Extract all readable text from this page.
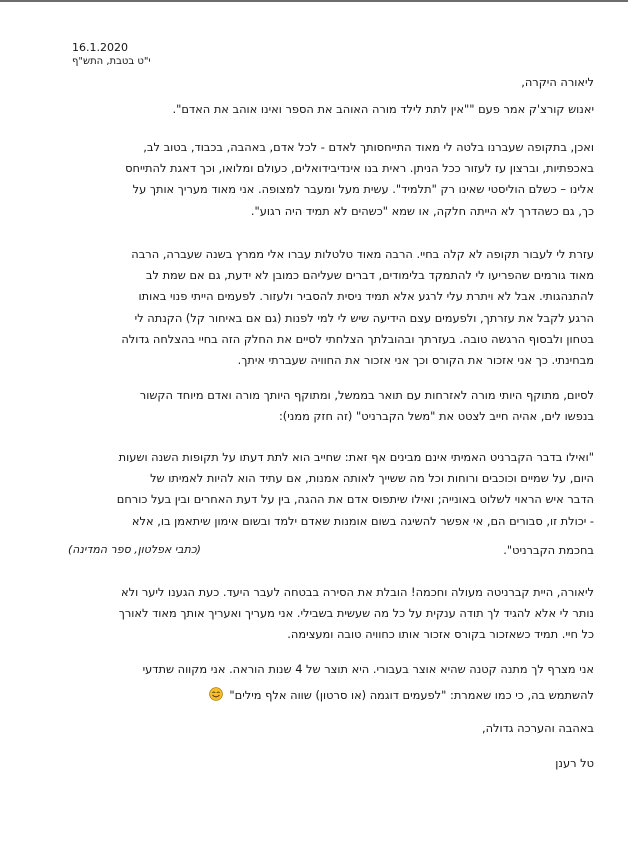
16.1.2020
י"ט בטבת, התש"ף
ליאורה היקרה,
יאנוש קורצ'ק אמר פעם ""אין לתת לילד מורה האוהב את הספר ואינו אוהב את האדם".
ואכן, בתקופה שעברנו בלטה לי מאוד התייחסותך לאדם - לכל אדם, באהבה, בכבוד, בטוב לב,
באכפתיות, וברצון עז לעזור ככל הניתן. ראית בנו אינדיבידואלים, כעולם ומלואו, וכך דאגת להתייחס
אלינו – כשלם הוליסטי שאינו רק "תלמיד". עשית מעל ומעבר למצופה. אני מאוד מעריך אותך על
כך, גם כשהדרך לא הייתה חלקה, או שמא "כשהים לא תמיד היה רגוע".
עזרת לי לעבור תקופה לא קלה בחיי. הרבה מאוד טלטלות עברו אלי ממרץ בשנה שעברה, הרבה
מאוד גורמים שהפריעו לי להתמקד בלימודים, דברים שעליהם כמובן לא ידעת, גם אם שמת לב
להתנהגותי. אבל לא ויתרת עלי לרגע אלא תמיד ניסית להסביר ולעזור. לפעמים הייתי פנוי באותו
הרגע לקבל את עזרתך, ולפעמים עצם הידיעה שיש לי למי לפנות (גם אם באיחור קל) הקנתה לי
בטחון ולבסוף הרגשה טובה. בעזרתך ובהובלתך הצלחתי לסיים את החלק הזה בחיי בהצלחה גדולה
מבחינתי. כך אני אזכור את הקורס וכך אני אזכור את החוויה שעברתי איתך.
לסיום, מתוקף היותי מורה לאזרחות עם תואר בממשל, ומתוקף היותך מורה ואדם מיוחד הקשור
בנפשו לים, אהיה חייב לצטט את "משל הקברניט" (זה חזק ממני):
"ואילו בדבר הקברניט האמיתי אינם מבינים אף זאת: שחייב הוא לתת דעתו על תקופות השנה ושעות
היום, על שמיים וכוכבים ורוחות וכל מה ששייך לאותה אמנות, אם עתיד הוא להיות לאמיתו של
הדבר איש הראוי לשלוט באונייה; ואילו שיתפוס אדם את ההגה, בין על דעת האחרים ובין בעל כורחם
- יכולת זו, סבורים הם, אי אפשר להשיגה בשום אומנות שאדם ילמד ובשום אימון שיתאמן בו, אלא
בחכמת הקברניט".
(כתבי אפלטון, ספר המדינה)
ליאורה, היית קברניטה מעולה וחכמה! הובלת את הסירה בבטחה לעבר היעד. כעת הגענו ליער ולא
נותר לי אלא להגיד לך תודה ענקית על כל מה שעשית בשבילי. אני מעריך ואעריך אותך מאוד לאורך
כל חיי. תמיד כשאזכור בקורס אזכור אותו כחוויה טובה ומעצימה.
אני מצרף לך מתנה קטנה שהיא אוצר בעבורי. היא תוצר של 4 שנות הוראה. אני מקווה שתדעי
להשתמש בה, כי כמו שאמרת: "לפעמים דוגמה (או סרטון) שווה אלף מילים"
באהבה והערכה גדולה,
טל רענן
